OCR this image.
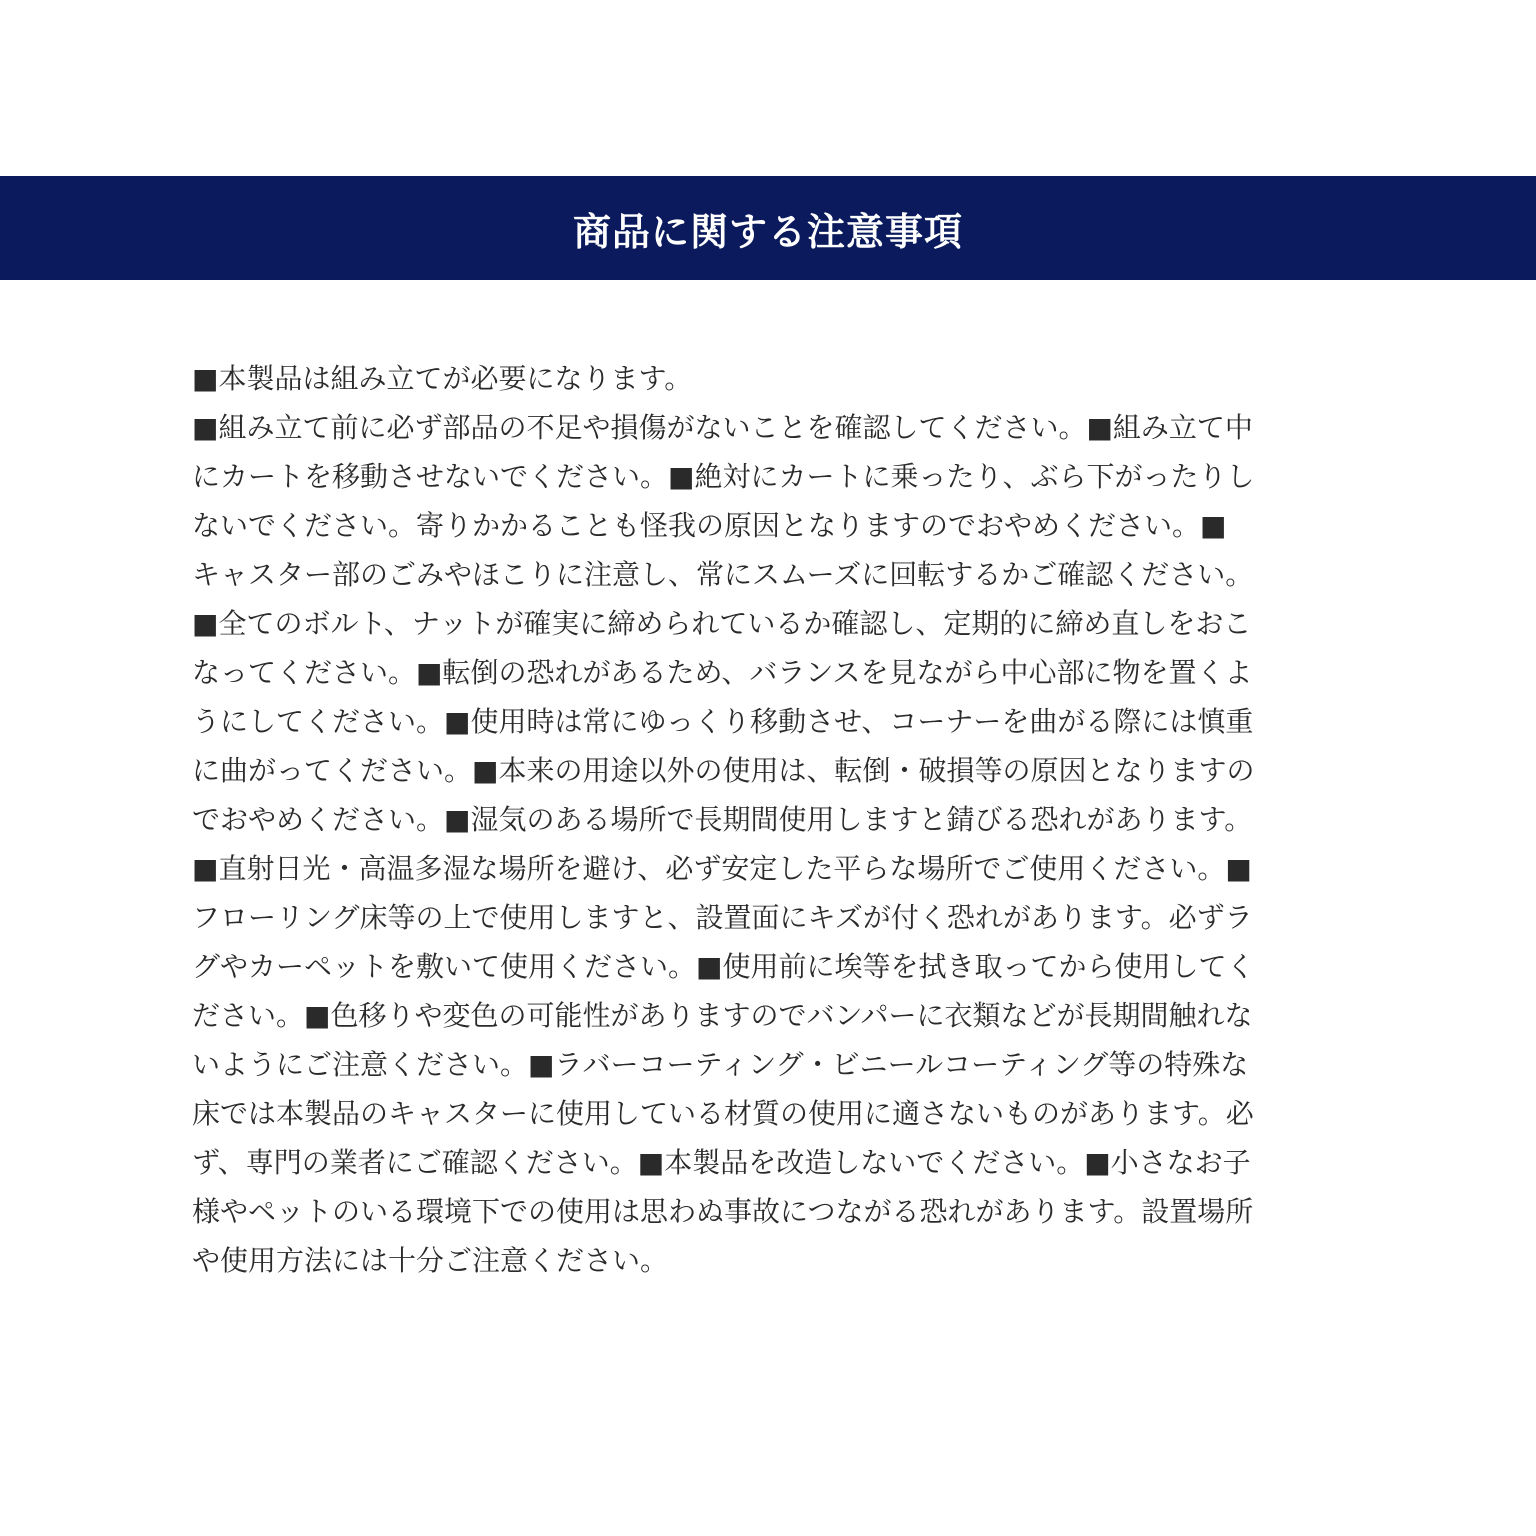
商品に関する注意事項
■本製品は組み立てが必要になります。
■組み立て前に必ず部品の不足や損傷がないことを確認してください。■組み立て中
にカートを移動させないでください。■絶対にカートに乗ったり、ぶら下がったりし
ないでください。寄りかかることも怪我の原因となりますのでおやめください。■
キャスター部のごみやほこりに注意し、常にスムーズに回転するかご確認ください。
■全てのボルト、ナットが確実に締められているか確認し、定期的に締め直しをおこ
なってください。■転倒の恐れがあるため、バランスを見ながら中心部に物を置くよ
うにしてください。■使用時は常にゆっくり移動させ、コーナーを曲がる際には慎重
に曲がってください。■本来の用途以外の使用は、転倒・破損等の原因となりますの
でおやめください。■湿気のある場所で長期間使用しますと錆びる恐れがあります。
■直射日光・高温多湿な場所を避け、必ず安定した平らな場所でご使用ください。■
フローリング床等の上で使用しますと、設置面にキズが付く恐れがあります。必ずラ
グやカーペットを敷いて使用ください。■使用前に埃等を拭き取ってから使用してく
ださい。■色移りや変色の可能性がありますのでバンパーに衣類などが長期間触れな
いようにご注意ください。■ラバーコーティング・ビニールコーティング等の特殊な
床では本製品のキャスターに使用している材質の使用に適さないものがあります。必
ず、専門の業者にご確認ください。■本製品を改造しないでください。■小さなお子
様やペットのいる環境下での使用は思わぬ事故につながる恐れがあります。設置場所
や使用方法には十分ご注意ください。
